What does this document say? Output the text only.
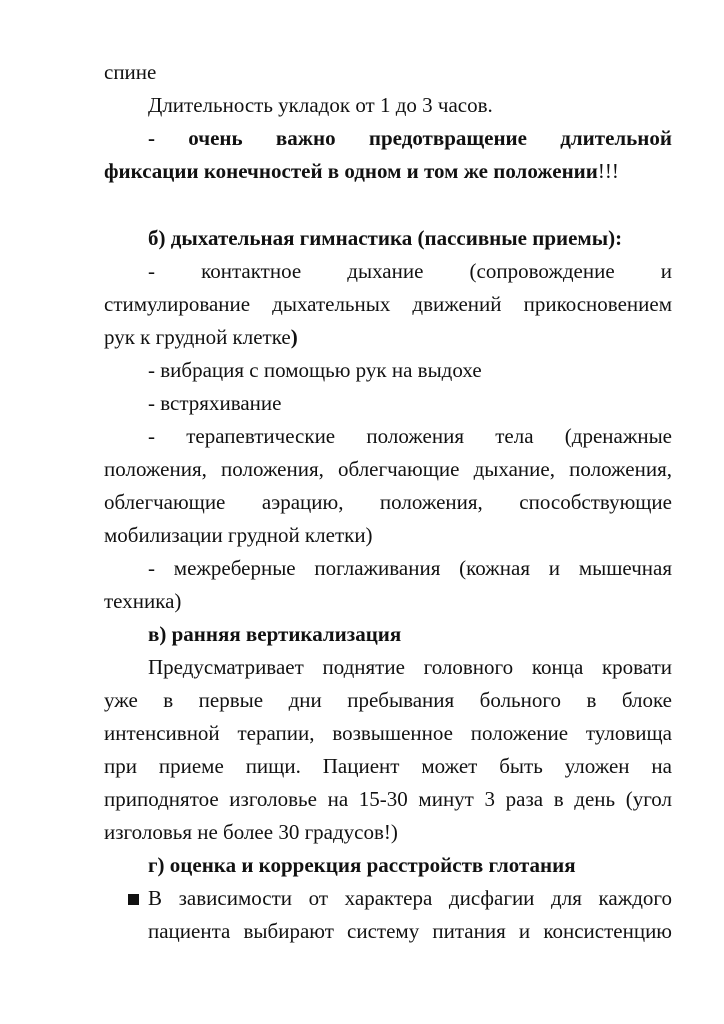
спине
Длительность укладок от 1 до 3 часов.
- очень важно предотвращение длительной
фиксации конечностей в одном и том же положении!!!
б) дыхательная гимнастика (пассивные приемы):
- контактное дыхание (сопровождение и
стимулирование дыхательных движений прикосновением
рук к грудной клетке)
- вибрация с помощью рук на выдохе
- встряхивание
- терапевтические положения тела (дренажные
положения, положения, облегчающие дыхание, положения,
облегчающие аэрацию, положения, способствующие
мобилизации грудной клетки)
- межреберные поглаживания (кожная и мышечная
техника)
в) ранняя вертикализация
Предусматривает поднятие головного конца кровати
уже в первые дни пребывания больного в блоке
интенсивной терапии, возвышенное положение туловища
при приеме пищи. Пациент может быть уложен на
приподнятое изголовье на 15-30 минут 3 раза в день (угол
изголовья не более 30 градусов!)
г) оценка и коррекция расстройств глотания
В зависимости от характера дисфагии для каждого
пациента выбирают систему питания и консистенцию
